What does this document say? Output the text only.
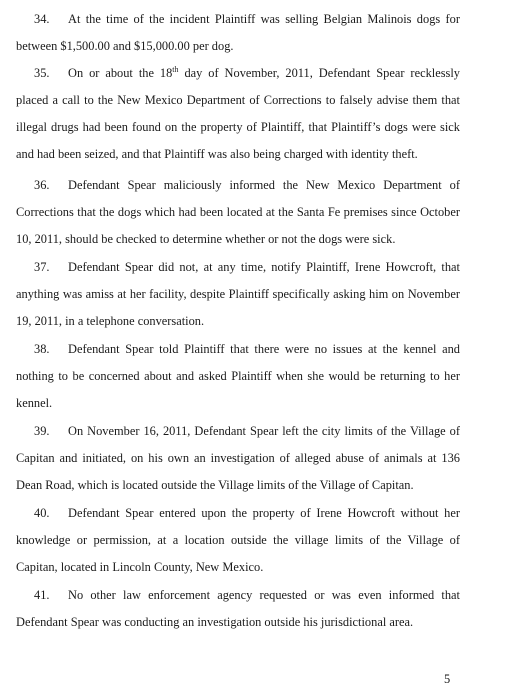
34. At the time of the incident Plaintiff was selling Belgian Malinois dogs for between $1,500.00 and $15,000.00 per dog.

35. On or about the 18th day of November, 2011, Defendant Spear recklessly placed a call to the New Mexico Department of Corrections to falsely advise them that illegal drugs had been found on the property of Plaintiff, that Plaintiff’s dogs were sick and had been seized, and that Plaintiff was also being charged with identity theft.

36. Defendant Spear maliciously informed the New Mexico Department of Corrections that the dogs which had been located at the Santa Fe premises since October 10, 2011, should be checked to determine whether or not the dogs were sick.

37. Defendant Spear did not, at any time, notify Plaintiff, Irene Howcroft, that anything was amiss at her facility, despite Plaintiff specifically asking him on November 19, 2011, in a telephone conversation.

38. Defendant Spear told Plaintiff that there were no issues at the kennel and nothing to be concerned about and asked Plaintiff when she would be returning to her kennel.

39. On November 16, 2011, Defendant Spear left the city limits of the Village of Capitan and initiated, on his own an investigation of alleged abuse of animals at 136 Dean Road, which is located outside the Village limits of the Village of Capitan.

40. Defendant Spear entered upon the property of Irene Howcroft without her knowledge or permission, at a location outside the village limits of the Village of Capitan, located in Lincoln County, New Mexico.

41. No other law enforcement agency requested or was even informed that Defendant Spear was conducting an investigation outside his jurisdictional area.

5
